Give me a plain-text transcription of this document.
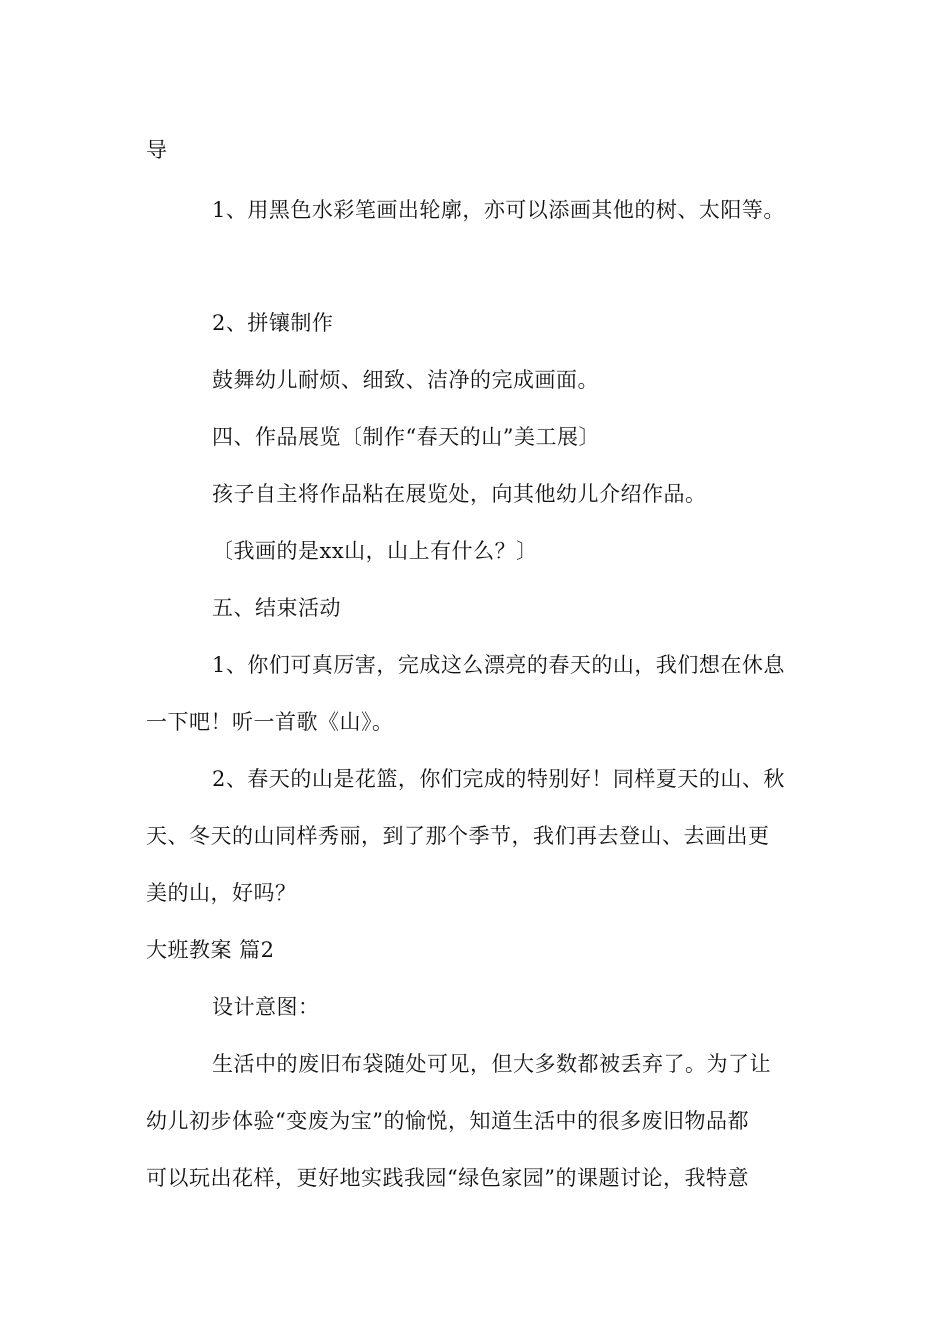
导
1、用黑色水彩笔画出轮廓，亦可以添画其他的树、太阳等。
2、拼镶制作
鼓舞幼儿耐烦、细致、洁净的完成画面。
四、作品展览〔制作“春天的山”美工展〕
孩子自主将作品粘在展览处，向其他幼儿介绍作品。
〔我画的是xx山，山上有什么？〕
五、结束活动
1、你们可真厉害，完成这么漂亮的春天的山，我们想在休息
一下吧！听一首歌《山》。
2、春天的山是花篮，你们完成的特别好！同样夏天的山、秋
天、冬天的山同样秀丽，到了那个季节，我们再去登山、去画出更
美的山，好吗？
大班教案 篇2
设计意图：
生活中的废旧布袋随处可见，但大多数都被丢弃了。为了让
幼儿初步体验“变废为宝”的愉悦，知道生活中的很多废旧物品都
可以玩出花样，更好地实践我园“绿色家园”的课题讨论，我特意
